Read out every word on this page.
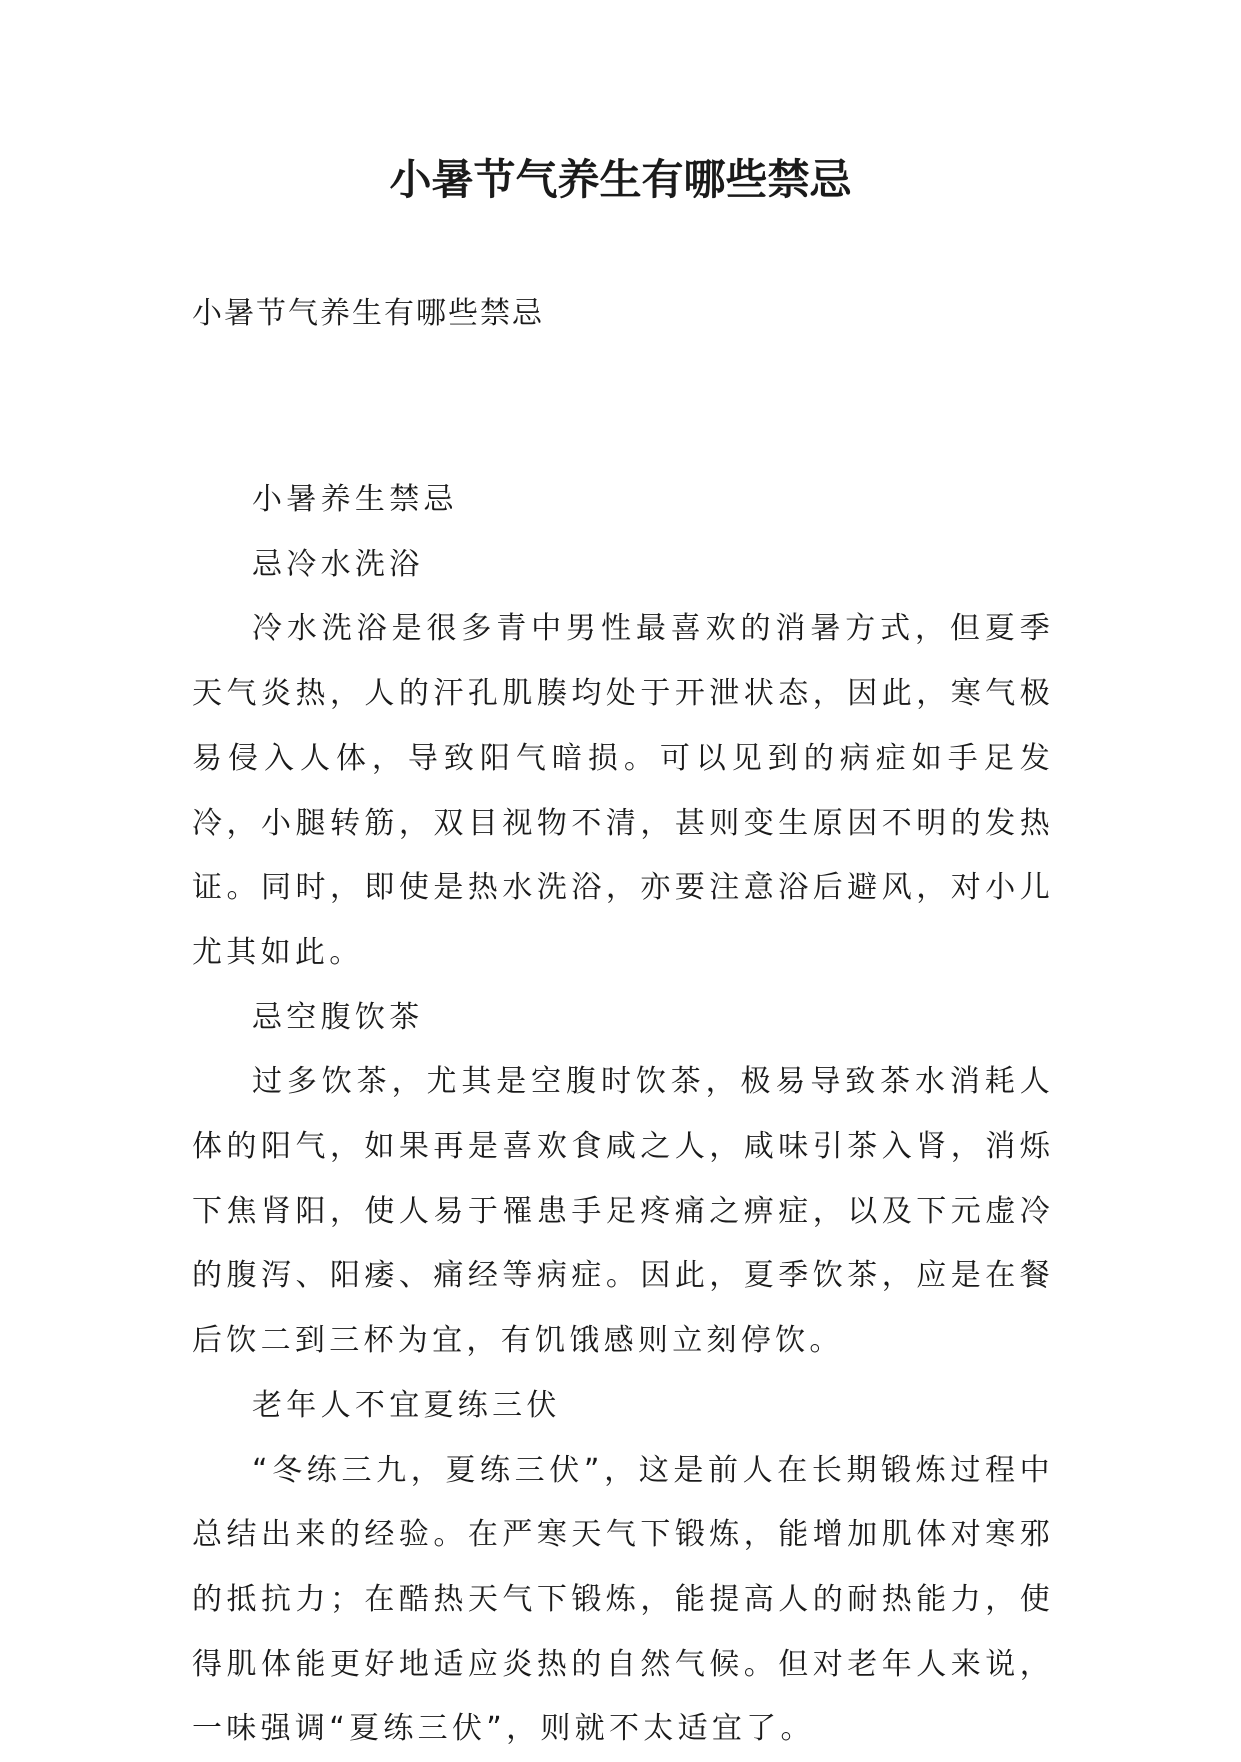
小暑节气养生有哪些禁忌

小暑节气养生有哪些禁忌

小暑养生禁忌

忌冷水洗浴

冷水洗浴是很多青中男性最喜欢的消暑方式，但夏季天气炎热，人的汗孔肌腠均处于开泄状态，因此，寒气极易侵入人体，导致阳气暗损。可以见到的病症如手足发冷，小腿转筋，双目视物不清，甚则变生原因不明的发热证。同时，即使是热水洗浴，亦要注意浴后避风，对小儿尤其如此。

忌空腹饮茶

过多饮茶，尤其是空腹时饮茶，极易导致茶水消耗人体的阳气，如果再是喜欢食咸之人，咸味引茶入肾，消烁下焦肾阳，使人易于罹患手足疼痛之痹症，以及下元虚冷的腹泻、阳痿、痛经等病症。因此，夏季饮茶，应是在餐后饮二到三杯为宜，有饥饿感则立刻停饮。

老年人不宜夏练三伏

“冬练三九，夏练三伏”，这是前人在长期锻炼过程中总结出来的经验。在严寒天气下锻炼，能增加肌体对寒邪的抵抗力；在酷热天气下锻炼，能提高人的耐热能力，使得肌体能更好地适应炎热的自然气候。但对老年人来说，一味强调“夏练三伏”，则就不太适宜了。
